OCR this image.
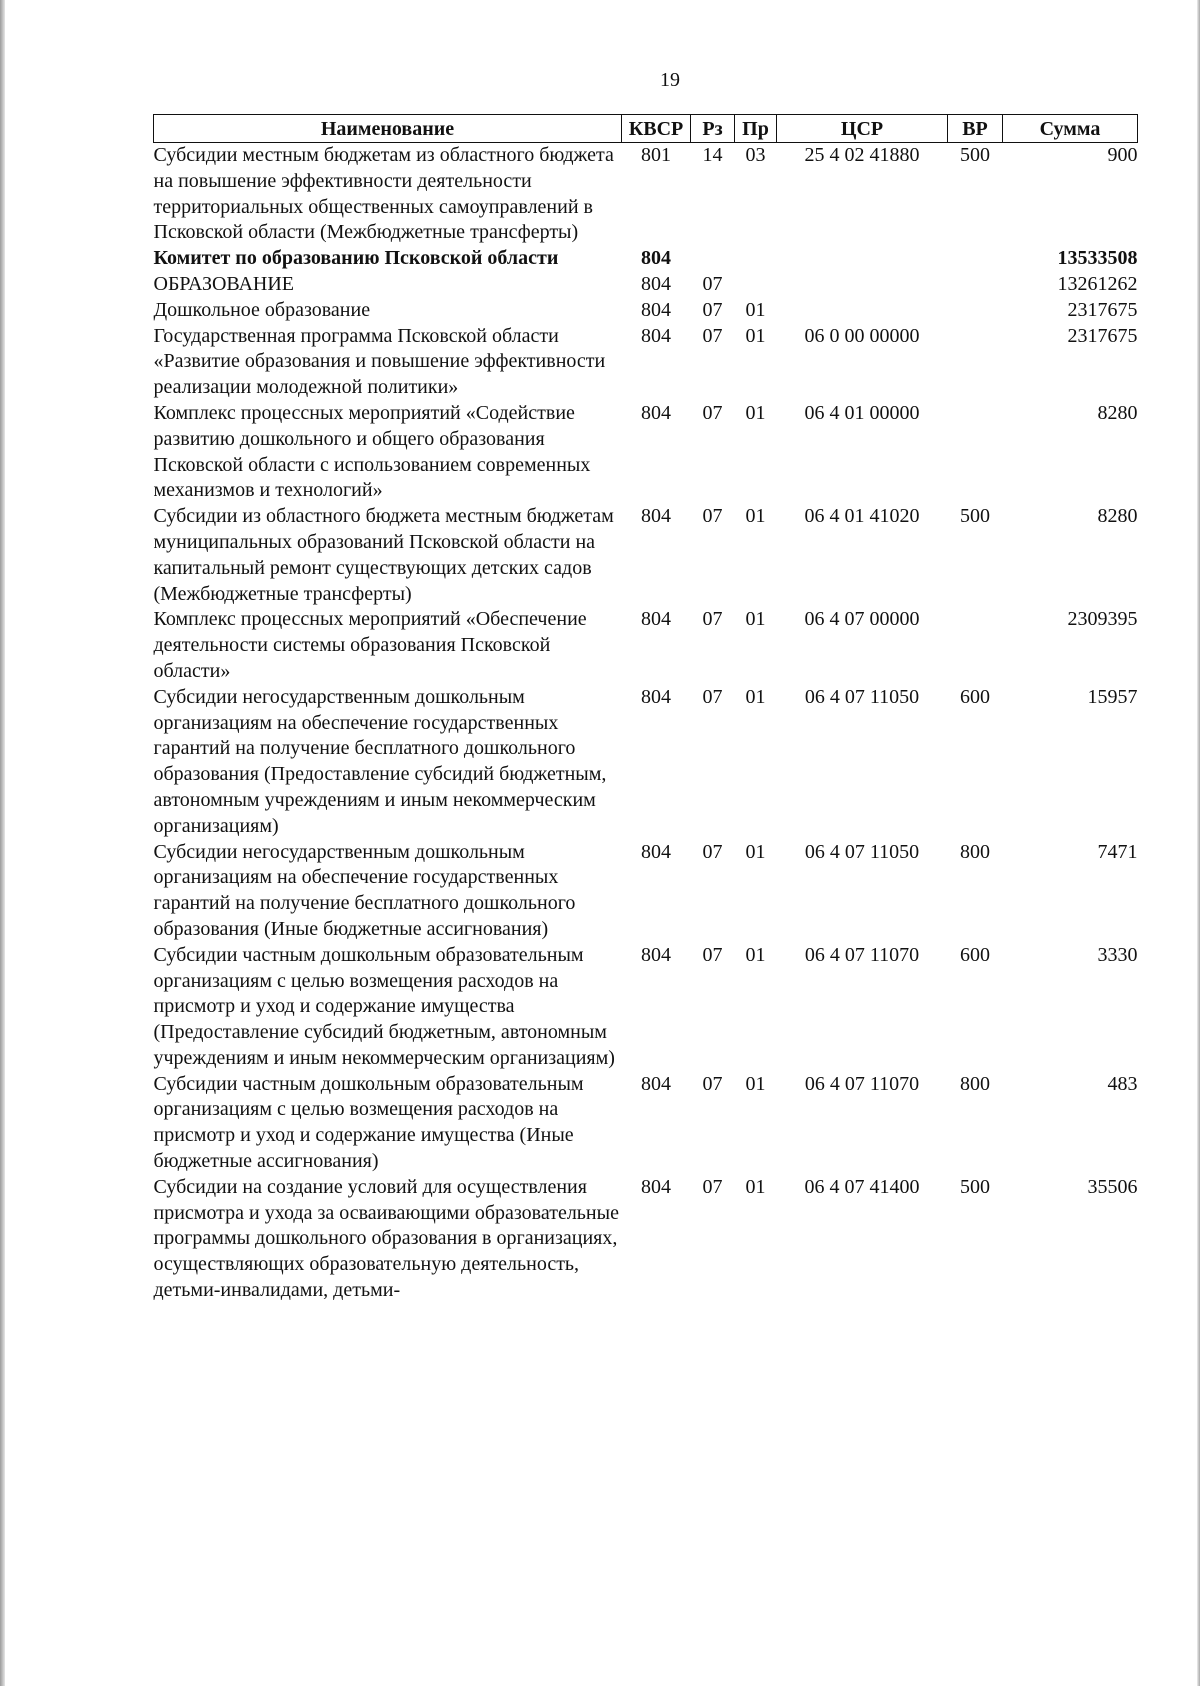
19
Наименование	КВСР	Рз	Пр	ЦСР	ВР	Сумма
Субсидии местным бюджетам из областного бюджета на повышение эффективности деятельности территориальных общественных самоуправлений в Псковской области (Межбюджетные трансферты)	801	14	03	25 4 02 41880	500	900
Комитет по образованию Псковской области	804					13533508
ОБРАЗОВАНИЕ	804	07				13261262
Дошкольное образование	804	07	01			2317675
Государственная программа Псковской области «Развитие образования и повышение эффективности реализации молодежной политики»	804	07	01	06 0 00 00000		2317675
Комплекс процессных мероприятий «Содействие развитию дошкольного и общего образования Псковской области с использованием современных механизмов и технологий»	804	07	01	06 4 01 00000		8280
Субсидии из областного бюджета местным бюджетам муниципальных образований Псковской области на капитальный ремонт существующих детских садов (Межбюджетные трансферты)	804	07	01	06 4 01 41020	500	8280
Комплекс процессных мероприятий «Обеспечение деятельности системы образования Псковской области»	804	07	01	06 4 07 00000		2309395
Субсидии негосударственным дошкольным организациям на обеспечение государственных гарантий на получение бесплатного дошкольного образования (Предоставление субсидий бюджетным, автономным учреждениям и иным некоммерческим организациям)	804	07	01	06 4 07 11050	600	15957
Субсидии негосударственным дошкольным организациям на обеспечение государственных гарантий на получение бесплатного дошкольного образования (Иные бюджетные ассигнования)	804	07	01	06 4 07 11050	800	7471
Субсидии частным дошкольным образовательным организациям с целью возмещения расходов на присмотр и уход и содержание имущества (Предоставление субсидий бюджетным, автономным учреждениям и иным некоммерческим организациям)	804	07	01	06 4 07 11070	600	3330
Субсидии частным дошкольным образовательным организациям с целью возмещения расходов на присмотр и уход и содержание имущества (Иные бюджетные ассигнования)	804	07	01	06 4 07 11070	800	483
Субсидии на создание условий для осуществления присмотра и ухода за осваивающими образовательные программы дошкольного образования в организациях, осуществляющих образовательную деятельность, детьми-инвалидами, детьми-	804	07	01	06 4 07 41400	500	35506
